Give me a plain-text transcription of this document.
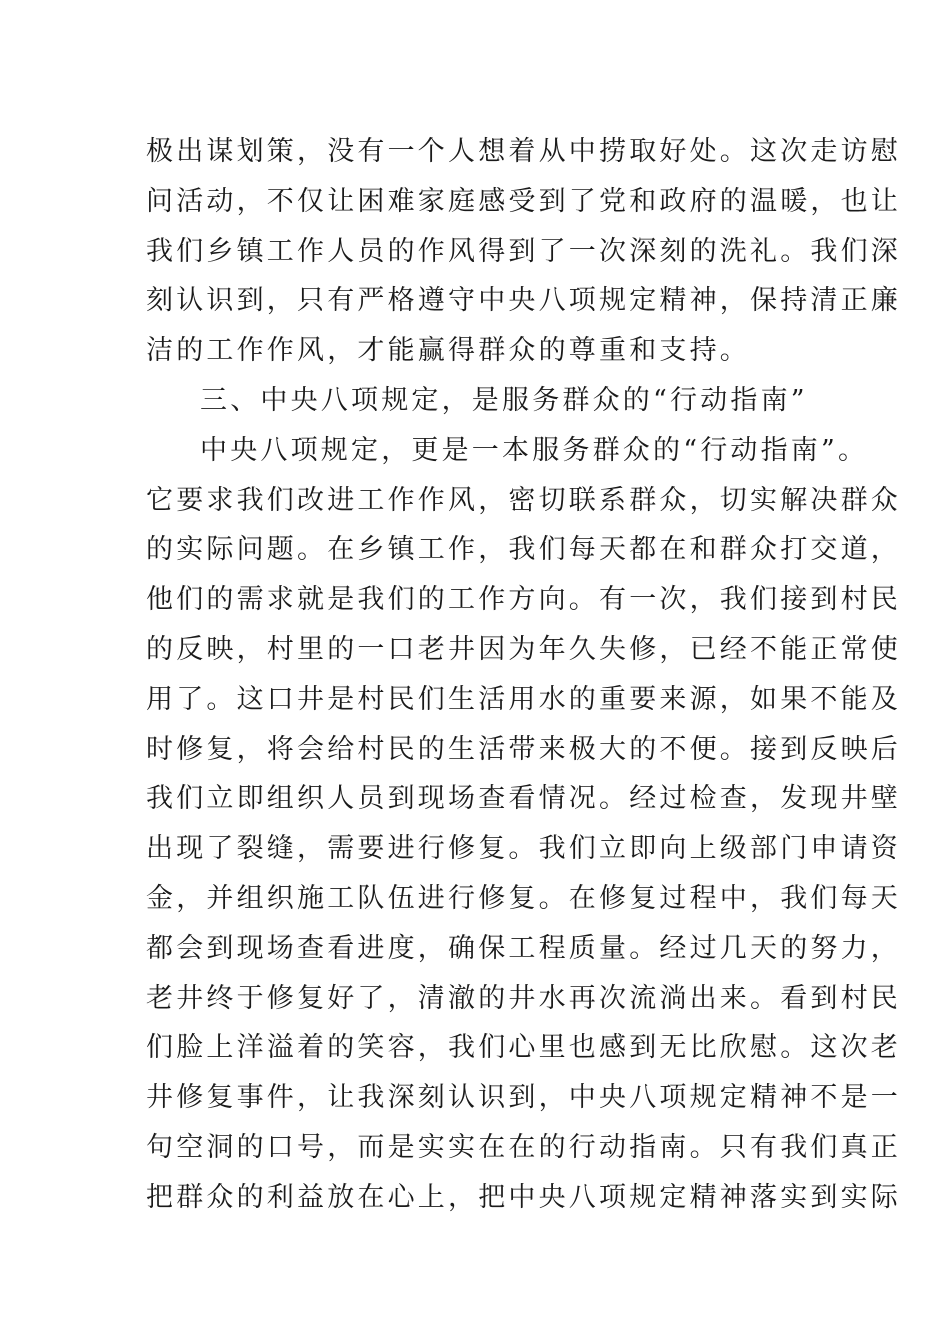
极出谋划策，没有一个人想着从中捞取好处。这次走访慰
问活动，不仅让困难家庭感受到了党和政府的温暖，也让
我们乡镇工作人员的作风得到了一次深刻的洗礼。我们深
刻认识到，只有严格遵守中央八项规定精神，保持清正廉
洁的工作作风，才能赢得群众的尊重和支持。
三、中央八项规定，是服务群众的“行动指南”
中央八项规定，更是一本服务群众的“行动指南”。
它要求我们改进工作作风，密切联系群众，切实解决群众
的实际问题。在乡镇工作，我们每天都在和群众打交道，
他们的需求就是我们的工作方向。有一次，我们接到村民
的反映，村里的一口老井因为年久失修，已经不能正常使
用了。这口井是村民们生活用水的重要来源，如果不能及
时修复，将会给村民的生活带来极大的不便。接到反映后
我们立即组织人员到现场查看情况。经过检查，发现井壁
出现了裂缝，需要进行修复。我们立即向上级部门申请资
金，并组织施工队伍进行修复。在修复过程中，我们每天
都会到现场查看进度，确保工程质量。经过几天的努力，
老井终于修复好了，清澈的井水再次流淌出来。看到村民
们脸上洋溢着的笑容，我们心里也感到无比欣慰。这次老
井修复事件，让我深刻认识到，中央八项规定精神不是一
句空洞的口号，而是实实在在的行动指南。只有我们真正
把群众的利益放在心上，把中央八项规定精神落实到实际
